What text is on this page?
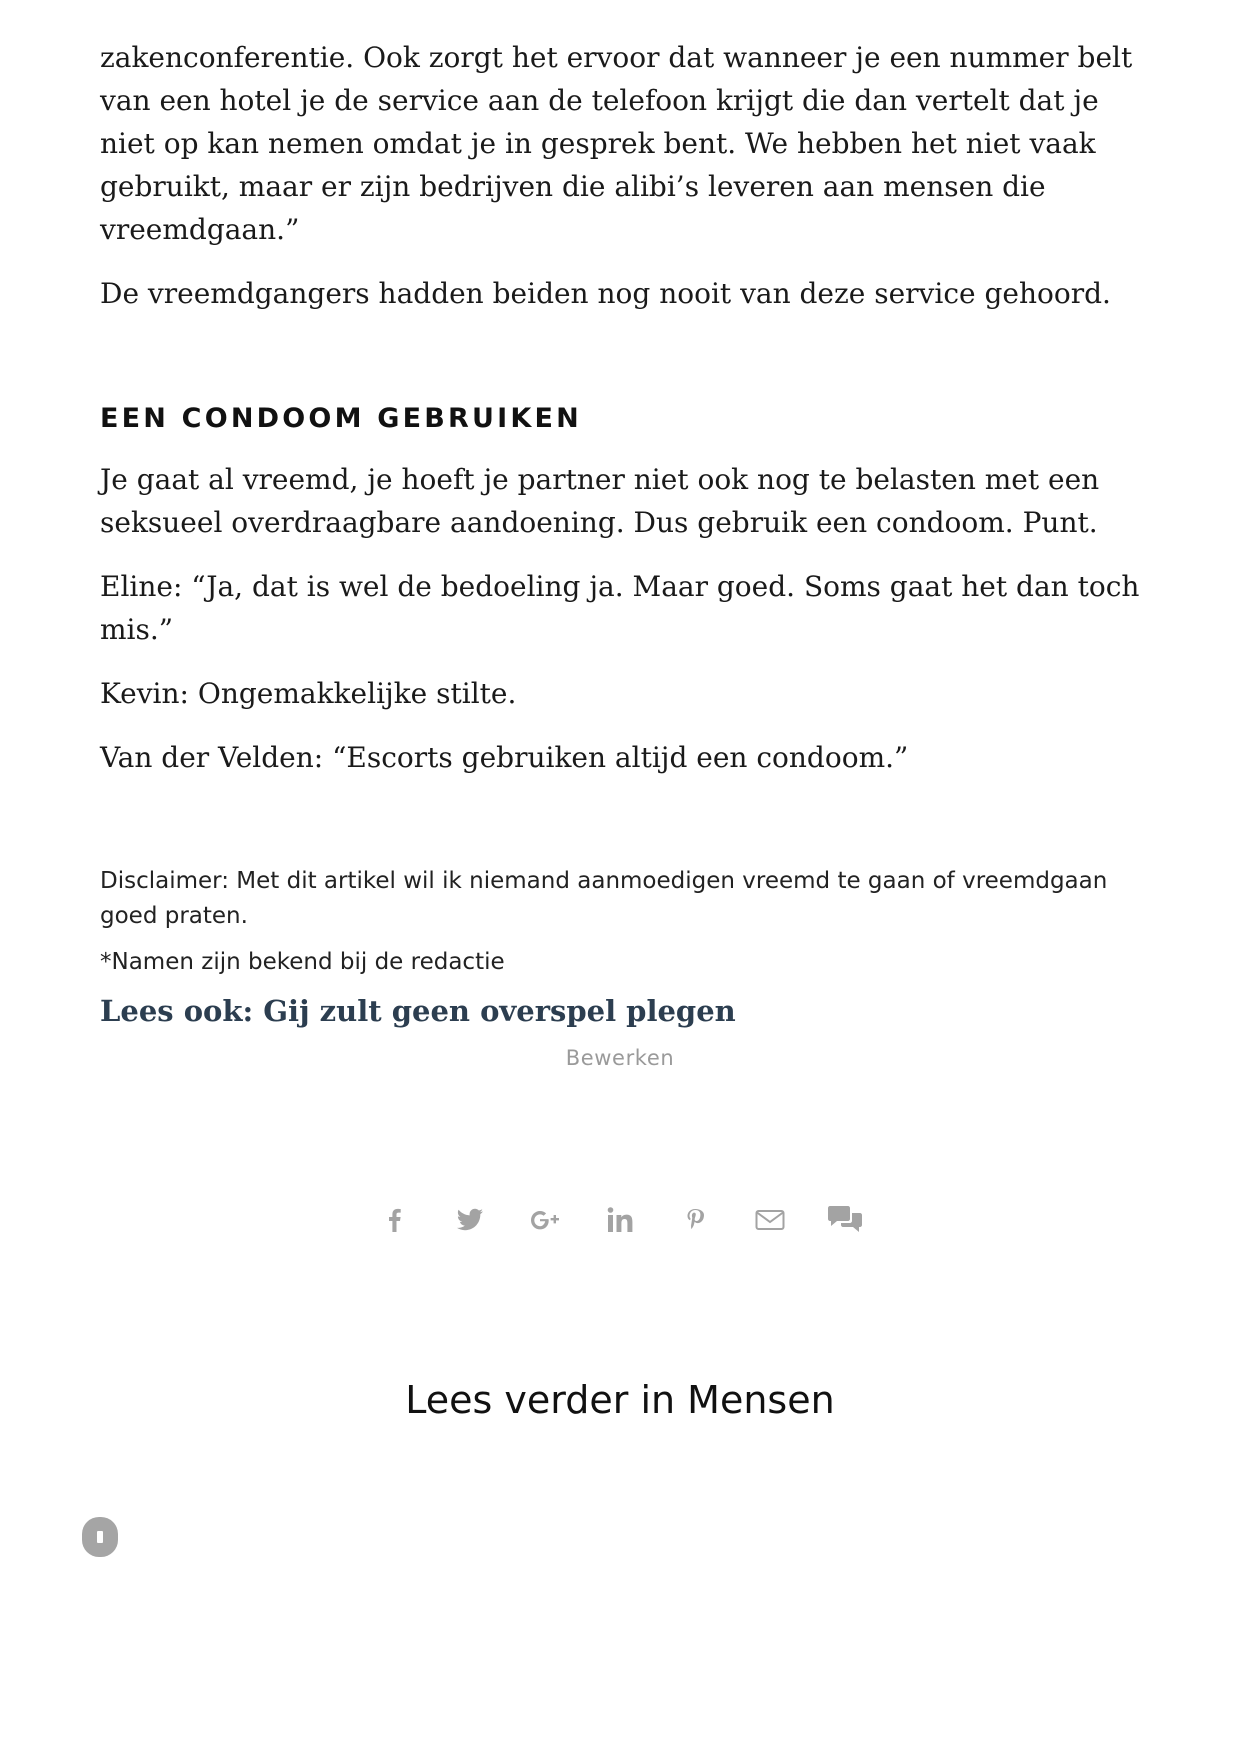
zakenconferentie. Ook zorgt het ervoor dat wanneer je een nummer belt van een hotel je de service aan de telefoon krijgt die dan vertelt dat je niet op kan nemen omdat je in gesprek bent. We hebben het niet vaak gebruikt, maar er zijn bedrijven die alibi’s leveren aan mensen die vreemdgaan.”

De vreemdgangers hadden beiden nog nooit van deze service gehoord.

EEN CONDOOM GEBRUIKEN

Je gaat al vreemd, je hoeft je partner niet ook nog te belasten met een seksueel overdraagbare aandoening. Dus gebruik een condoom. Punt.

Eline: “Ja, dat is wel de bedoeling ja. Maar goed. Soms gaat het dan toch mis.”

Kevin: Ongemakkelijke stilte.

Van der Velden: “Escorts gebruiken altijd een condoom.”

Disclaimer: Met dit artikel wil ik niemand aanmoedigen vreemd te gaan of vreemdgaan goed praten.

*Namen zijn bekend bij de redactie

Lees ook: Gij zult geen overspel plegen
Bewerken
Lees verder in Mensen
